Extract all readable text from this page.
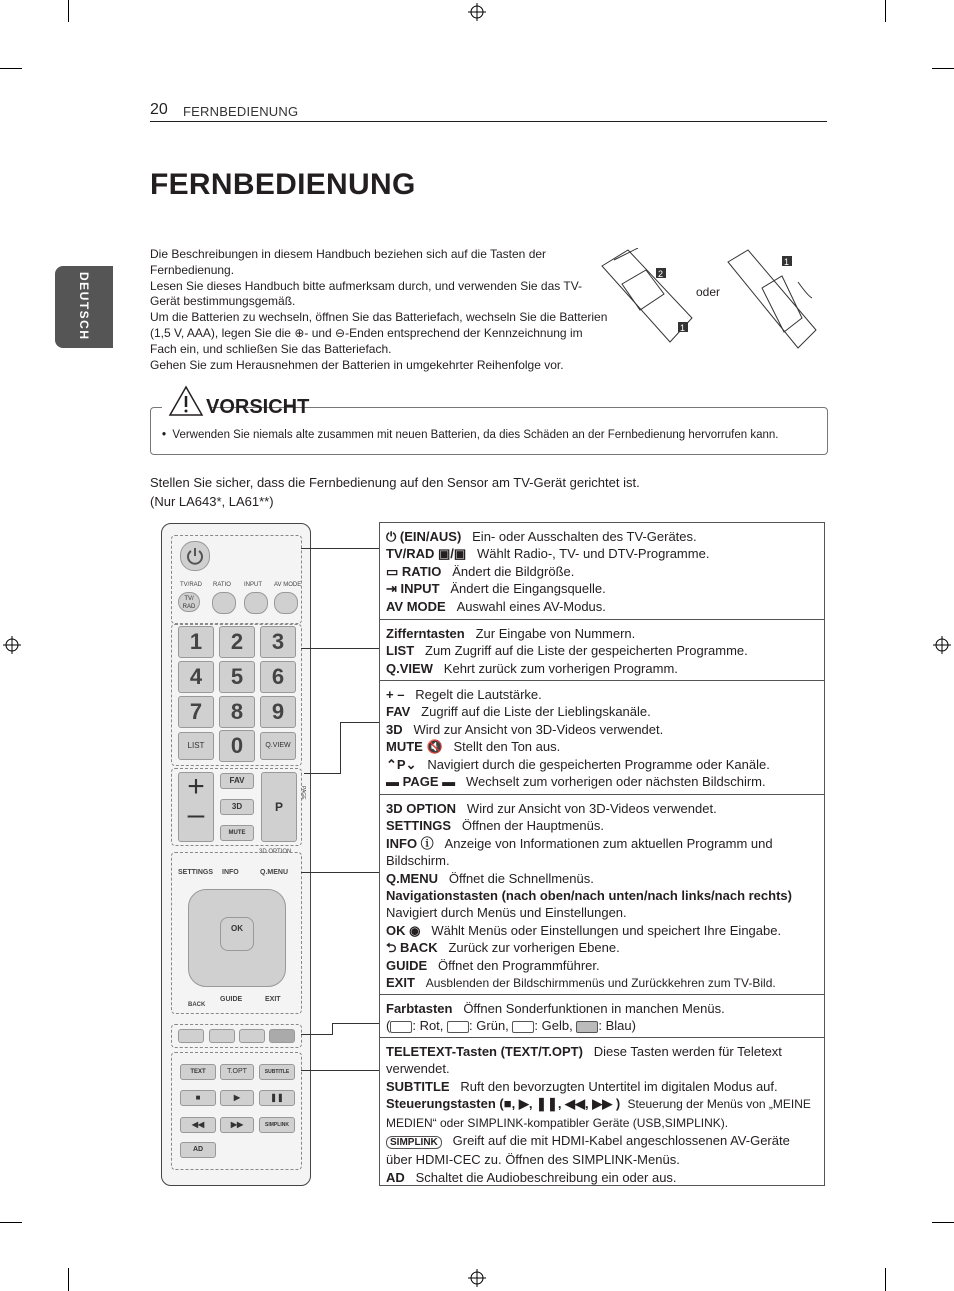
20 FERNBEDIENUNG
FERNBEDIENUNG
DEUTSCH

Die Beschreibungen in diesem Handbuch beziehen sich auf die Tasten der Fernbedienung.

Lesen Sie dieses Handbuch bitte aufmerksam durch, und verwenden Sie das TV-Gerät bestimmungsgemäß.

Um die Batterien zu wechseln, öffnen Sie das Batteriefach, wechseln Sie die Batterien (1,5 V, AAA), legen Sie die ⊕- und ⊖-Enden entsprechend der Kennzeichnung im Fach ein, und schließen Sie das Batteriefach.

Gehen Sie zum Herausnehmen der Batterien in umgekehrter Reihenfolge vor.

2
1
1
oder
VORSICHT
• Verwenden Sie niemals alte zusammen mit neuen Batterien, da dies Schäden an der Fernbedienung hervorrufen kann.

Stellen Sie sicher, dass die Fernbedienung auf den Sensor am TV-Gerät gerichtet ist.

(Nur LA643*, LA61**)

TV/RAD RATIO INPUT AV MODE
TV/ RAD
1	2	3
4	5	6
7	8	9
LIST	0	Q.VIEW
+
–
FAV
3D
MUTE
P
PAGE
3D OPTION
SETTINGS INFO	Q.MENU
OK
BACK
GUIDE	EXIT
TEXT	T.OPT	SUBTITLE
■	▶	❚❚
◀◀	▶▶	SIMPLINK
AD
⏻ (EIN/AUS) Ein- oder Ausschalten des TV-Gerätes.
TV/RAD ▣/▣ Wählt Radio-, TV- und DTV-Programme.
▭ RATIO Ändert die Bildgröße.
⇥ INPUT Ändert die Eingangsquelle.
AV MODE Auswahl eines AV-Modus.
Zifferntasten Zur Eingabe von Nummern.
LIST Zum Zugriff auf die Liste der gespeicherten Programme.
Q.VIEW Kehrt zurück zum vorherigen Programm.
+ – Regelt die Lautstärke.
FAV Zugriff auf die Liste der Lieblingskanäle.
3D Wird zur Ansicht von 3D-Videos verwendet.
MUTE 🔇 Stellt den Ton aus.
⌃P⌄ Navigiert durch die gespeicherten Programme oder Kanäle.
▬ PAGE ▬ Wechselt zum vorherigen oder nächsten Bildschirm.
3D OPTION Wird zur Ansicht von 3D-Videos verwendet.
SETTINGS Öffnen der Hauptmenüs.
INFO ⓘ Anzeige von Informationen zum aktuellen Programm und Bildschirm.
Q.MENU Öffnet die Schnellmenüs.
Navigationstasten (nach oben/nach unten/nach links/nach rechts)
Navigiert durch Menüs und Einstellungen.
OK ◉ Wählt Menüs oder Einstellungen und speichert Ihre Eingabe.
⮌ BACK Zurück zur vorherigen Ebene.
GUIDE Öffnet den Programmführer.
EXIT Ausblenden der Bildschirmmenüs und Zurückkehren zum TV-Bild.
Farbtasten Öffnen Sonderfunktionen in manchen Menüs.
( : Rot, : Grün, : Gelb, : Blau)
TELETEXT-Tasten (TEXT/T.OPT) Diese Tasten werden für Teletext verwendet.
SUBTITLE Ruft den bevorzugten Untertitel im digitalen Modus auf.
Steuerungstasten (■, ▶, ❚❚, ◀◀, ▶▶ ) Steuerung der Menüs von „MEINE MEDIEN“ oder SIMPLINK-kompatibler Geräte (USB,SIMPLINK).
SIMPLINK Greift auf die mit HDMI-Kabel angeschlossenen AV-Geräte über HDMI-CEC zu. Öffnen des SIMPLINK-Menüs.
AD Schaltet die Audiobeschreibung ein oder aus.
